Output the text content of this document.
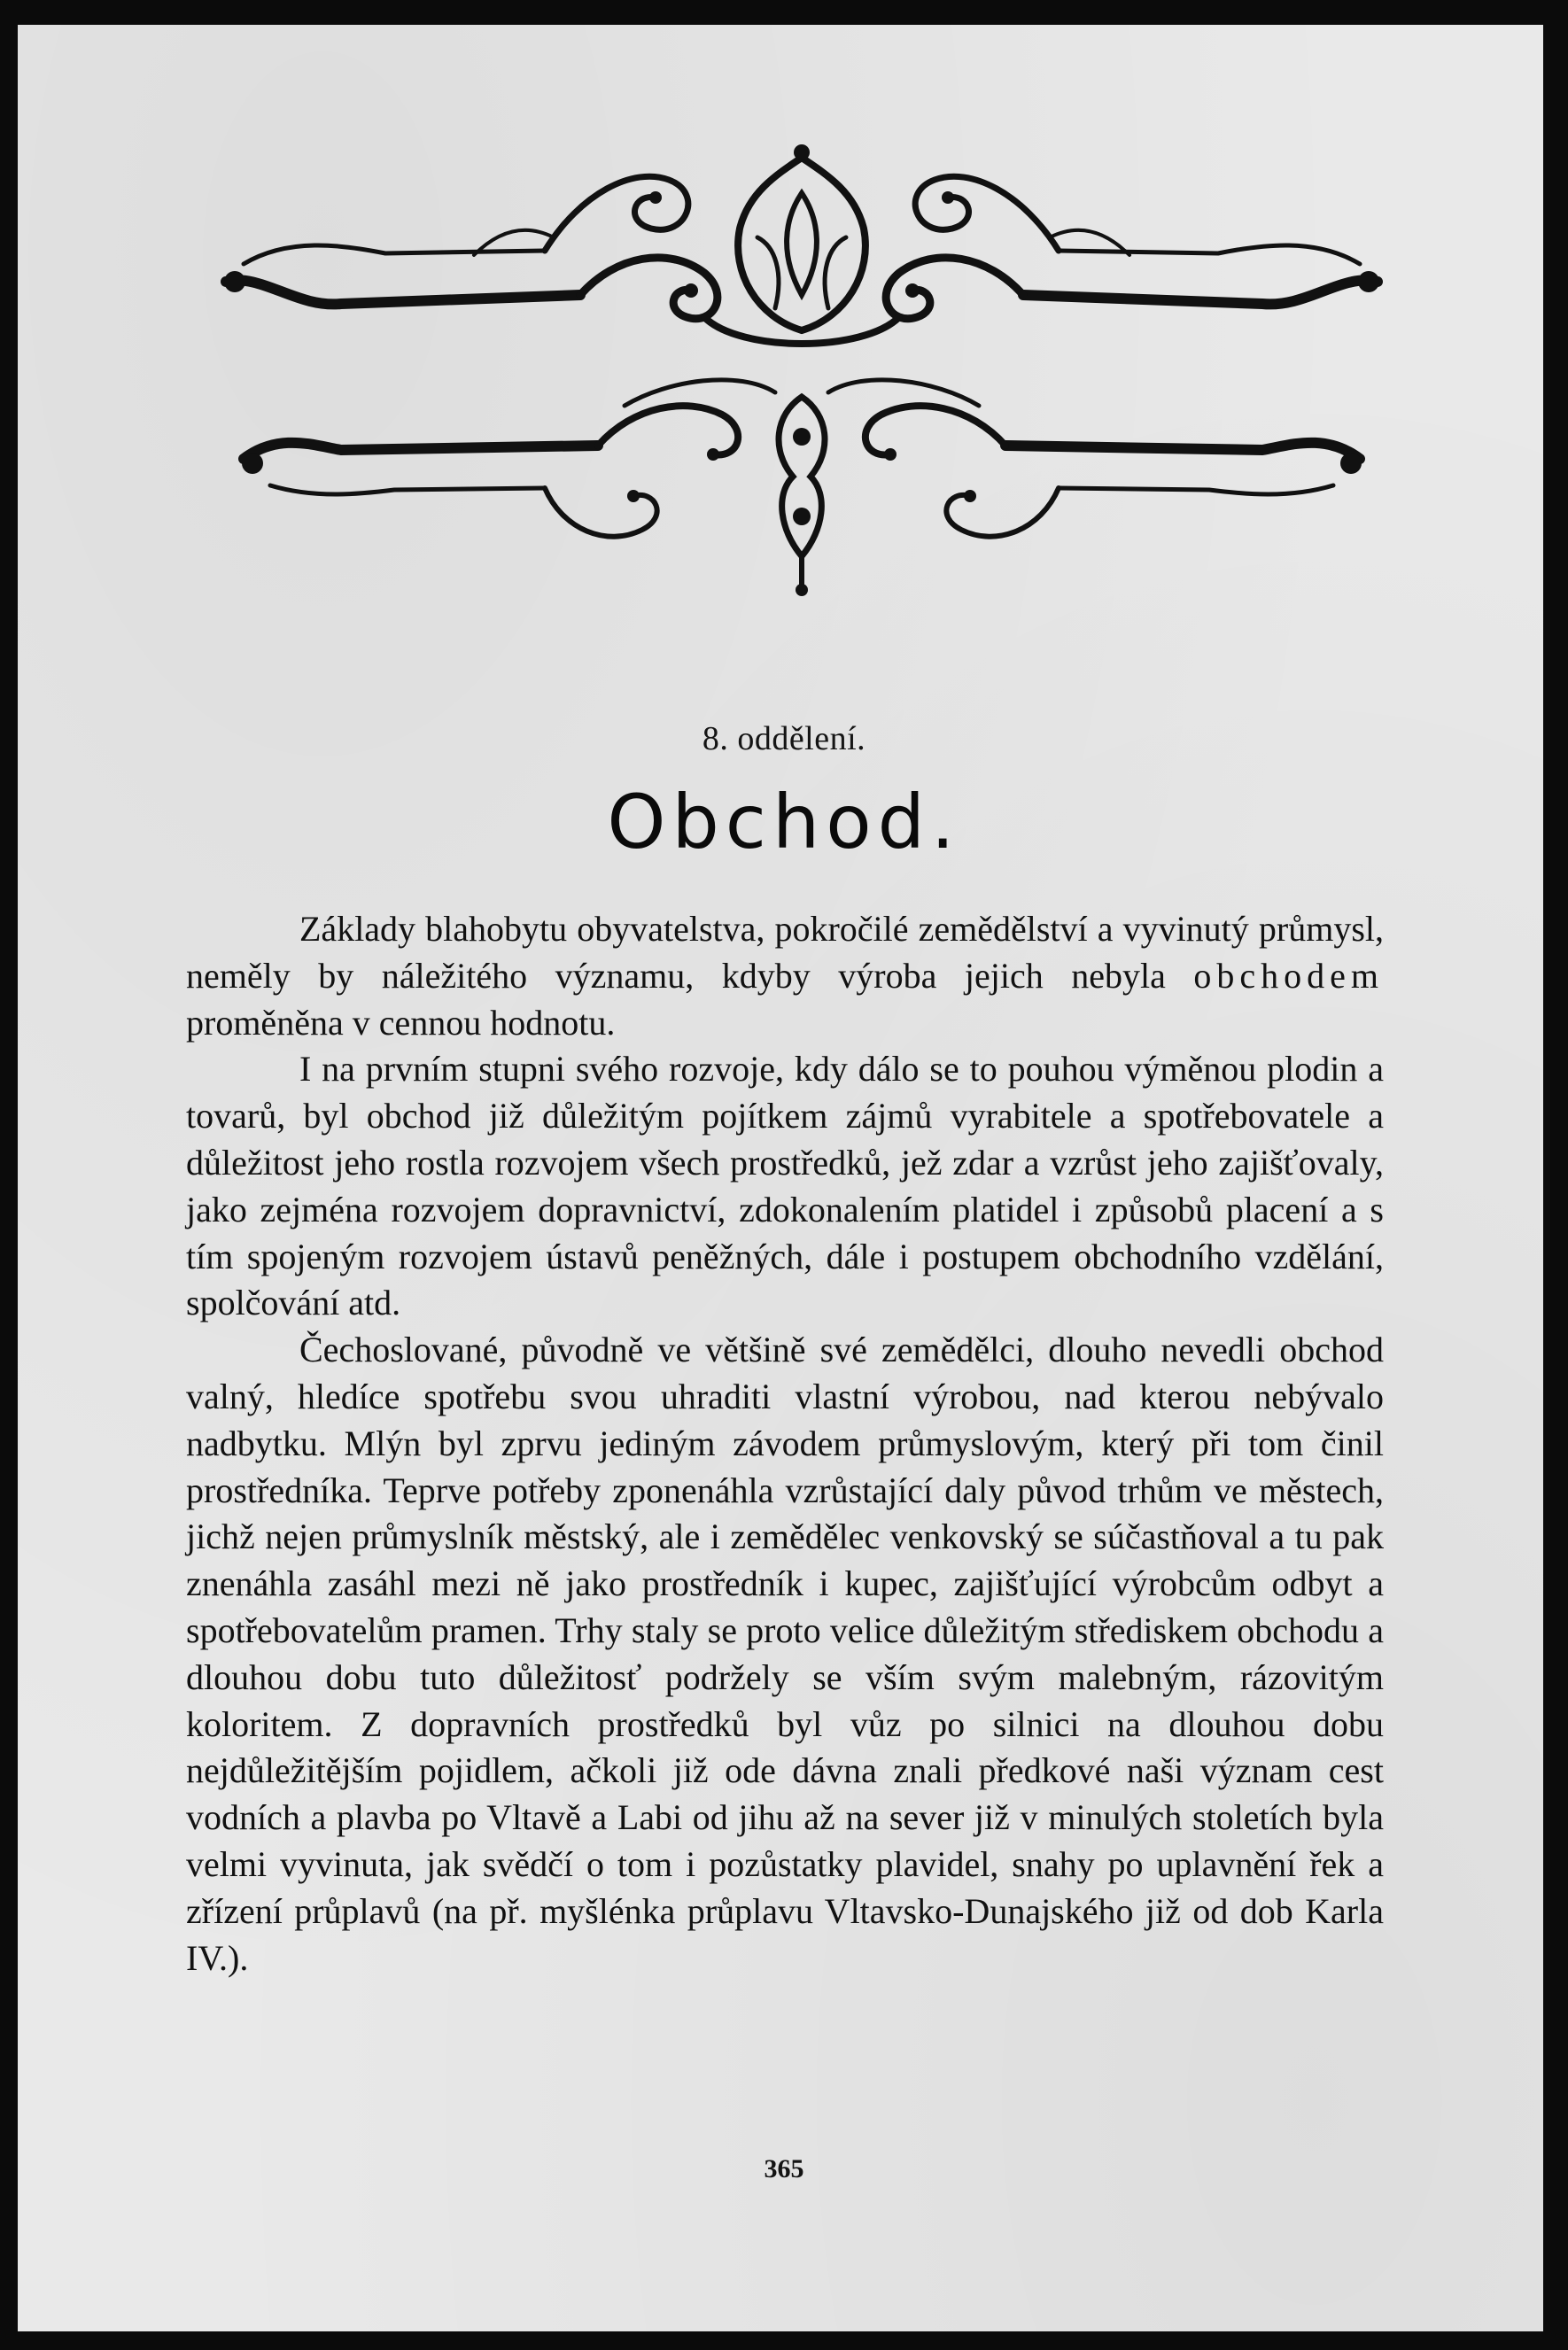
8. oddělení.
Obchod.

Základy blahobytu obyvatelstva, pokročilé zemědělství a vyvinutý průmysl, neměly by náležitého významu, kdyby výroba jejich nebyla obchodem proměněna v cennou hodnotu.

I na prvním stupni svého rozvoje, kdy dálo se to pouhou výměnou plodin a tovarů, byl obchod již důležitým pojítkem zájmů vyrabitele a spotřebovatele a důležitost jeho rostla rozvojem všech prostředků, jež zdar a vzrůst jeho zajišťovaly, jako zejména rozvojem dopravnictví, zdokonalením platidel i způsobů placení a s tím spojeným rozvojem ústavů peněžných, dále i postupem obchodního vzdělání, spolčování atd.

Čechoslované, původně ve většině své zemědělci, dlouho nevedli obchod valný, hledíce spotřebu svou uhraditi vlastní výrobou, nad kterou nebývalo nadbytku. Mlýn byl zprvu jediným závodem průmyslovým, který při tom činil prostředníka. Teprve potřeby zponenáhla vzrůstající daly původ trhům ve městech, jichž nejen průmyslník městský, ale i zemědělec venkovský se súčastňoval a tu pak znenáhla zasáhl mezi ně jako prostředník i kupec, zajišťující výrobcům odbyt a spotřebovatelům pramen. Trhy staly se proto velice důležitým střediskem obchodu a dlouhou dobu tuto důležitosť podržely se vším svým malebným, rázovitým koloritem. Z dopravních prostředků byl vůz po silnici na dlouhou dobu nejdůležitějším pojidlem, ačkoli již ode dávna znali předkové naši význam cest vodních a plavba po Vltavě a Labi od jihu až na sever již v minulých stoletích byla velmi vyvinuta, jak svědčí o tom i pozůstatky plavidel, snahy po uplavnění řek a zřízení průplavů (na př. myšlénka průplavu Vltavsko-Dunajského již od dob Karla IV.).

365
